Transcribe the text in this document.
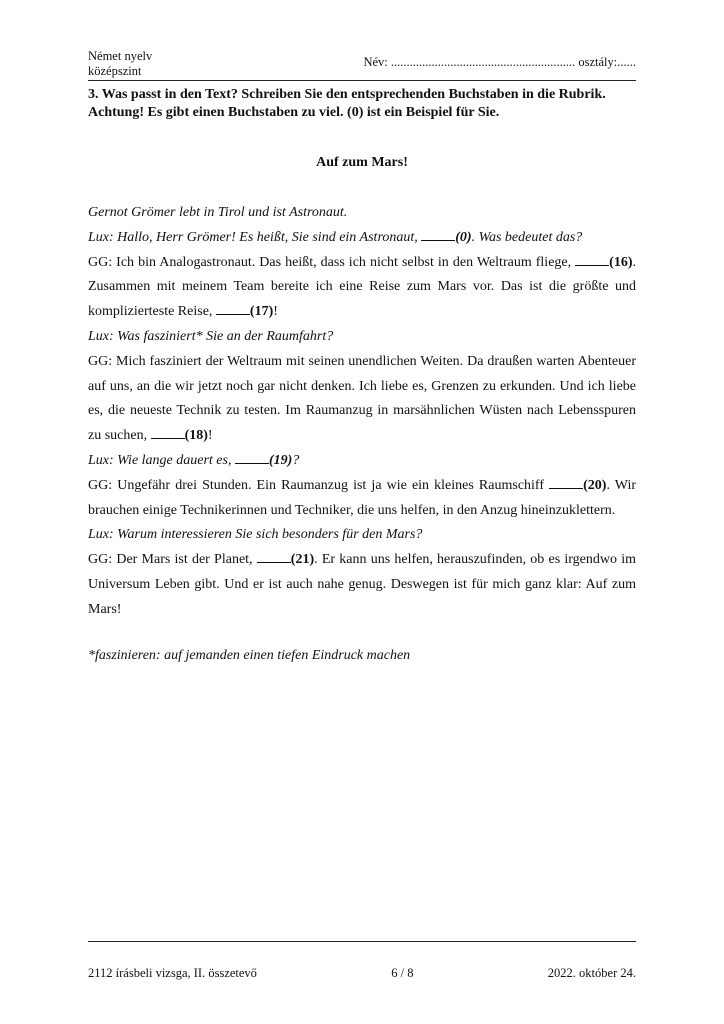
Német nyelv
középszint
Név: ........................................................... osztály:......
3. Was passt in den Text? Schreiben Sie den entsprechenden Buchstaben in die Rubrik. Achtung! Es gibt einen Buchstaben zu viel. (0) ist ein Beispiel für Sie.
Auf zum Mars!

Gernot Grömer lebt in Tirol und ist Astronaut.

Lux: Hallo, Herr Grömer! Es heißt, Sie sind ein Astronaut, (0). Was bedeutet das?

GG: Ich bin Analogastronaut. Das heißt, dass ich nicht selbst in den Weltraum fliege, (16). Zusammen mit meinem Team bereite ich eine Reise zum Mars vor. Das ist die größte und komplizierteste Reise, (17)!

Lux: Was fasziniert* Sie an der Raumfahrt?

GG: Mich fasziniert der Weltraum mit seinen unendlichen Weiten. Da draußen warten Abenteuer auf uns, an die wir jetzt noch gar nicht denken. Ich liebe es, Grenzen zu erkunden. Und ich liebe es, die neueste Technik zu testen. Im Raumanzug in marsähnlichen Wüsten nach Lebensspuren zu suchen, (18)!

Lux: Wie lange dauert es, (19)?

GG: Ungefähr drei Stunden. Ein Raumanzug ist ja wie ein kleines Raumschiff (20). Wir brauchen einige Technikerinnen und Techniker, die uns helfen, in den Anzug hineinzuklettern.

Lux: Warum interessieren Sie sich besonders für den Mars?

GG: Der Mars ist der Planet, (21). Er kann uns helfen, herauszufinden, ob es irgendwo im Universum Leben gibt. Und er ist auch nahe genug. Deswegen ist für mich ganz klar: Auf zum Mars!

*faszinieren: auf jemanden einen tiefen Eindruck machen
2112 írásbeli vizsga, II. összetevő	6 / 8	2022. október 24.
